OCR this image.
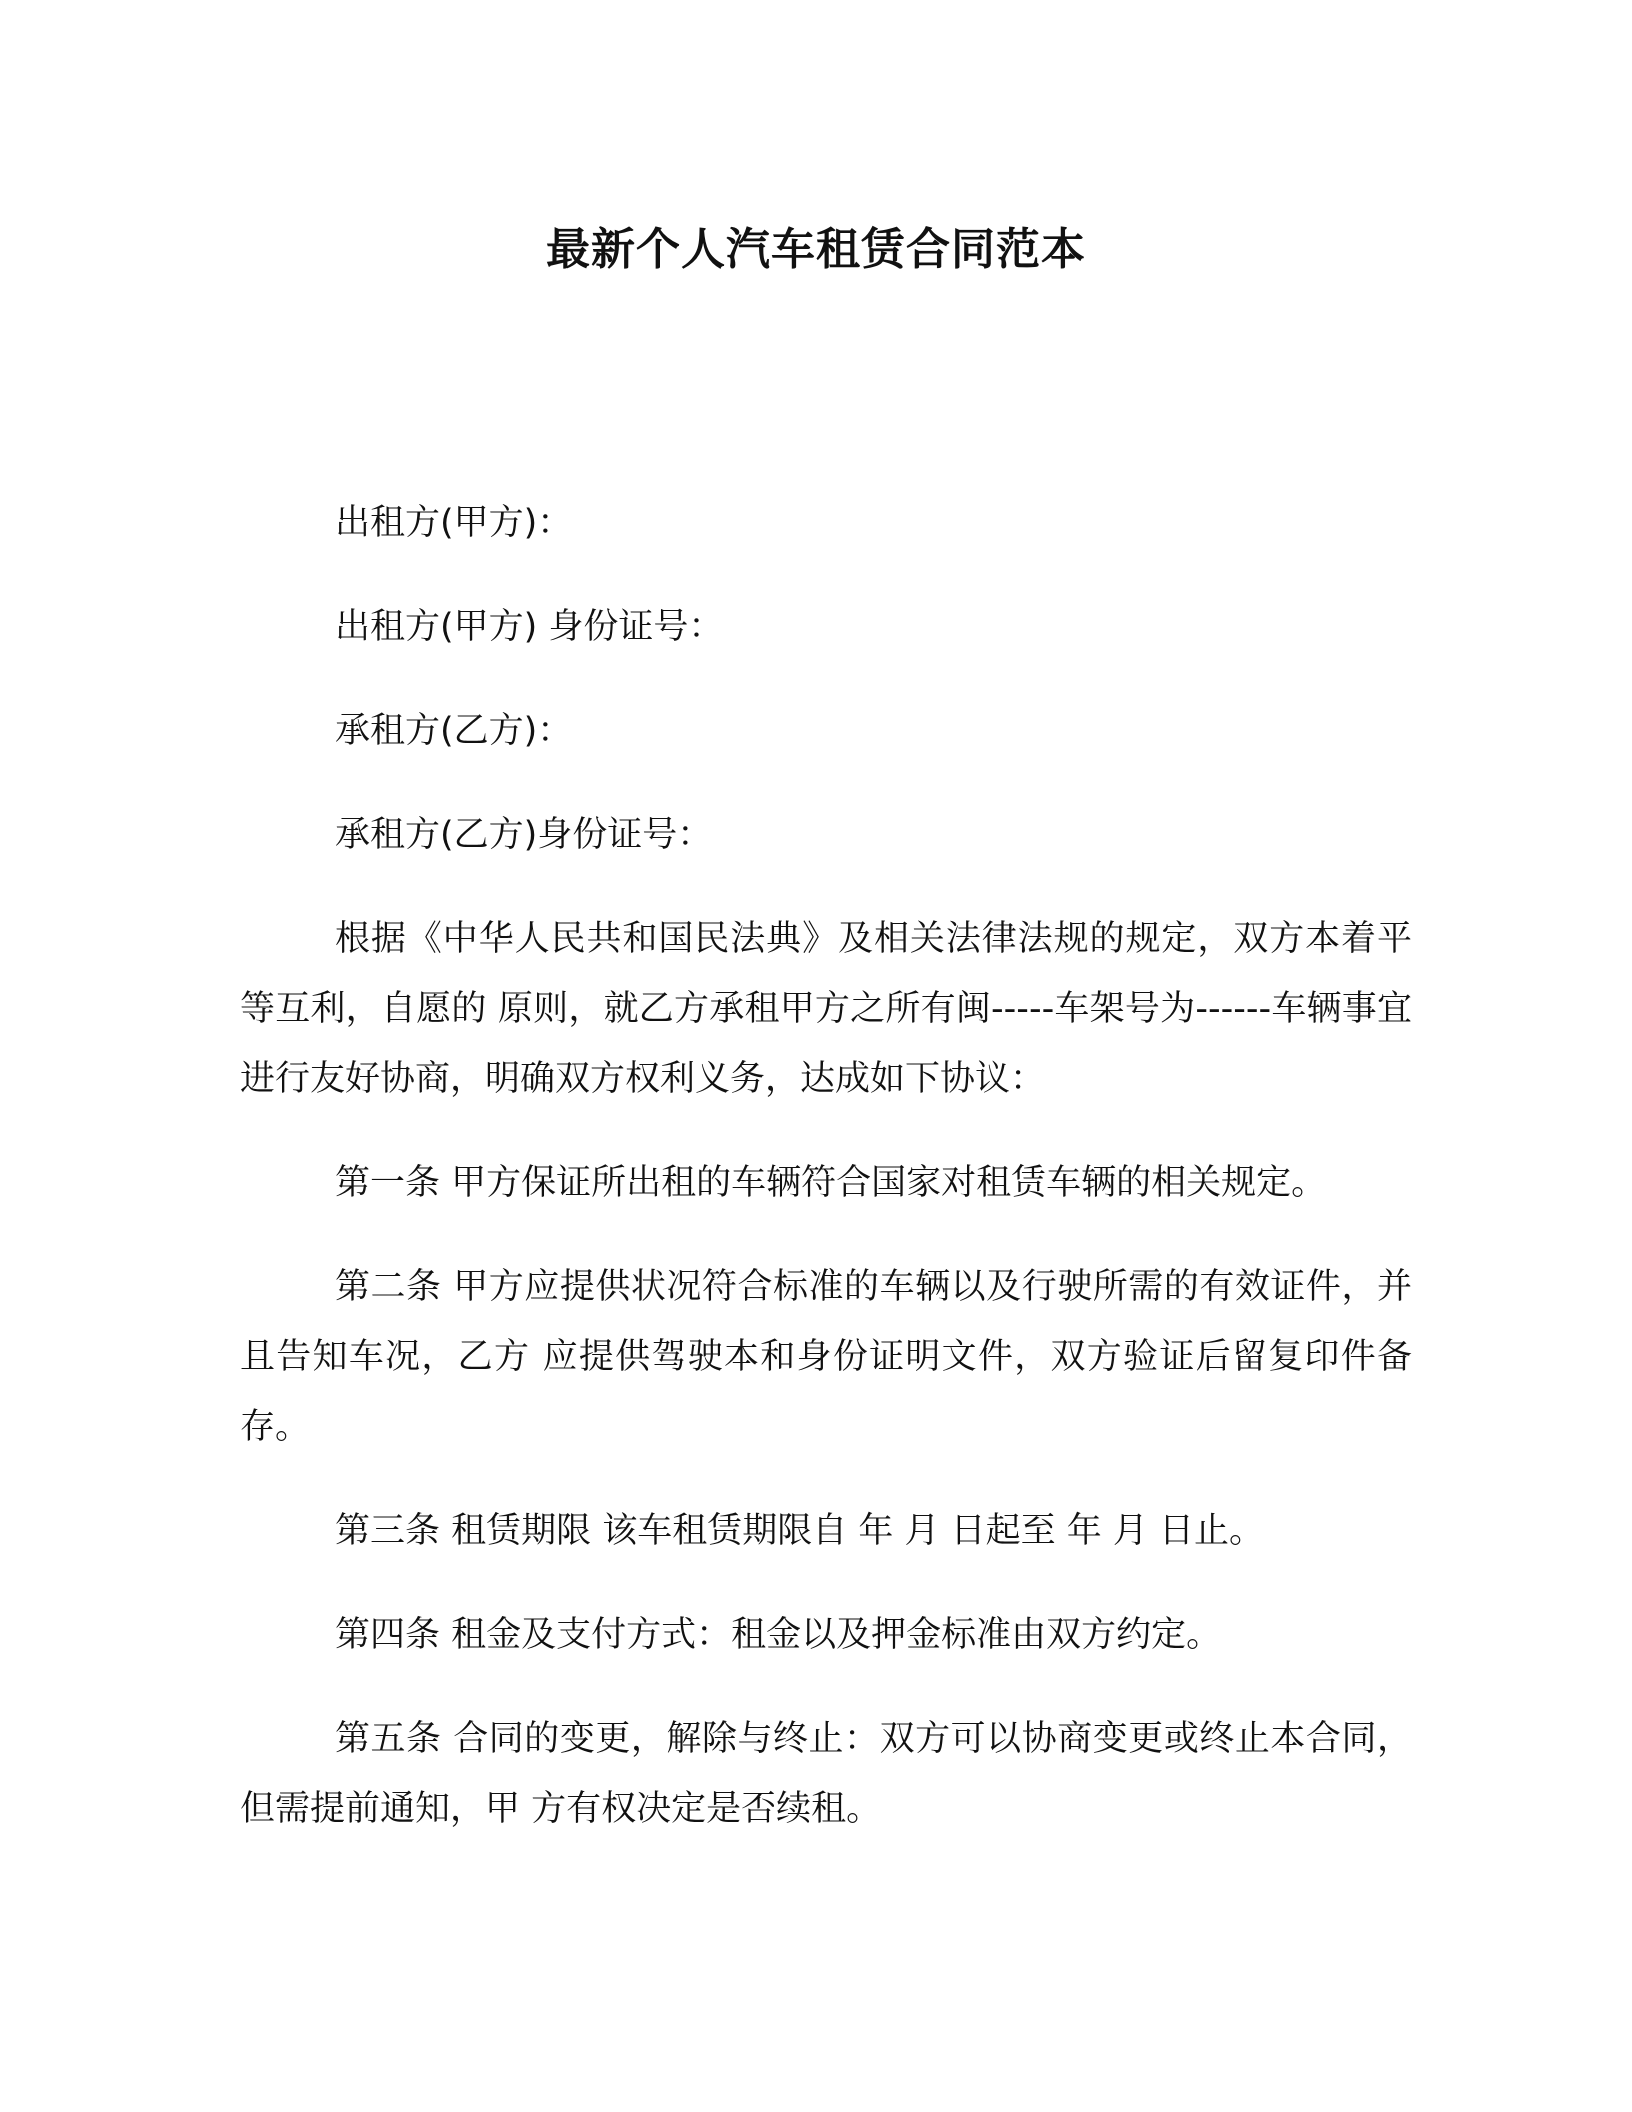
最新个人汽车租赁合同范本

出租方(甲方)：

出租方(甲方) 身份证号：

承租方(乙方)：

承租方(乙方)身份证号：

根据《中华人民共和国民法典》及相关法律法规的规定，双方本着平等互利，自愿的 原则，就乙方承租甲方之所有闽-----车架号为------车辆事宜进行友好协商，明确双方权利义务，达成如下协议：

第一条 甲方保证所出租的车辆符合国家对租赁车辆的相关规定。

第二条 甲方应提供状况符合标准的车辆以及行驶所需的有效证件，并且告知车况，乙方 应提供驾驶本和身份证明文件，双方验证后留复印件备存。

第三条 租赁期限 该车租赁期限自 年 月 日起至 年 月 日止。

第四条 租金及支付方式：租金以及押金标准由双方约定。

第五条 合同的变更，解除与终止：双方可以协商变更或终止本合同，但需提前通知，甲 方有权决定是否续租。
